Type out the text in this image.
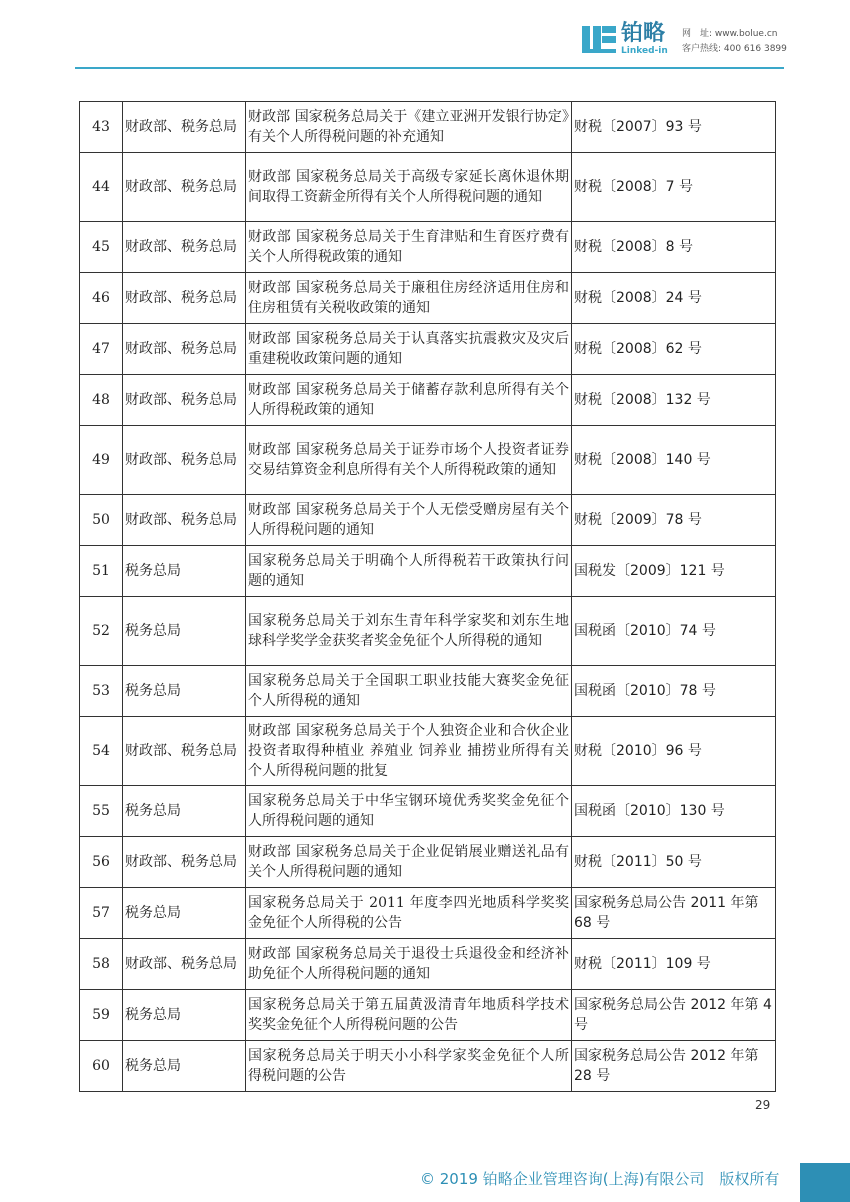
铂略
Linked-in
网　址: www.bolue.cn
客户热线: 400 616 3899
43	财政部、税务总局	财政部 国家税务总局关于《建立亚洲开发银行协定》有关个人所得税问题的补充通知	财税〔2007〕93 号
44	财政部、税务总局	财政部 国家税务总局关于高级专家延长离休退休期间取得工资薪金所得有关个人所得税问题的通知	财税〔2008〕7 号
45	财政部、税务总局	财政部 国家税务总局关于生育津贴和生育医疗费有关个人所得税政策的通知	财税〔2008〕8 号
46	财政部、税务总局	财政部 国家税务总局关于廉租住房经济适用住房和住房租赁有关税收政策的通知	财税〔2008〕24 号
47	财政部、税务总局	财政部 国家税务总局关于认真落实抗震救灾及灾后重建税收政策问题的通知	财税〔2008〕62 号
48	财政部、税务总局	财政部 国家税务总局关于储蓄存款利息所得有关个人所得税政策的通知	财税〔2008〕132 号
49	财政部、税务总局	财政部 国家税务总局关于证券市场个人投资者证券交易结算资金利息所得有关个人所得税政策的通知	财税〔2008〕140 号
50	财政部、税务总局	财政部 国家税务总局关于个人无偿受赠房屋有关个人所得税问题的通知	财税〔2009〕78 号
51	税务总局	国家税务总局关于明确个人所得税若干政策执行问题的通知	国税发〔2009〕121 号
52	税务总局	国家税务总局关于刘东生青年科学家奖和刘东生地球科学奖学金获奖者奖金免征个人所得税的通知	国税函〔2010〕74 号
53	税务总局	国家税务总局关于全国职工职业技能大赛奖金免征个人所得税的通知	国税函〔2010〕78 号
54	财政部、税务总局	财政部 国家税务总局关于个人独资企业和合伙企业投资者取得种植业 养殖业 饲养业 捕捞业所得有关个人所得税问题的批复	财税〔2010〕96 号
55	税务总局	国家税务总局关于中华宝钢环境优秀奖奖金免征个人所得税问题的通知	国税函〔2010〕130 号
56	财政部、税务总局	财政部 国家税务总局关于企业促销展业赠送礼品有关个人所得税问题的通知	财税〔2011〕50 号
57	税务总局	国家税务总局关于 2011 年度李四光地质科学奖奖金免征个人所得税的公告	国家税务总局公告 2011 年第 68 号
58	财政部、税务总局	财政部 国家税务总局关于退役士兵退役金和经济补助免征个人所得税问题的通知	财税〔2011〕109 号
59	税务总局	国家税务总局关于第五届黄汲清青年地质科学技术奖奖金免征个人所得税问题的公告	国家税务总局公告 2012 年第 4 号
60	税务总局	国家税务总局关于明天小小科学家奖金免征个人所得税问题的公告	国家税务总局公告 2012 年第 28 号
29
© 2019 铂略企业管理咨询(上海)有限公司　版权所有
